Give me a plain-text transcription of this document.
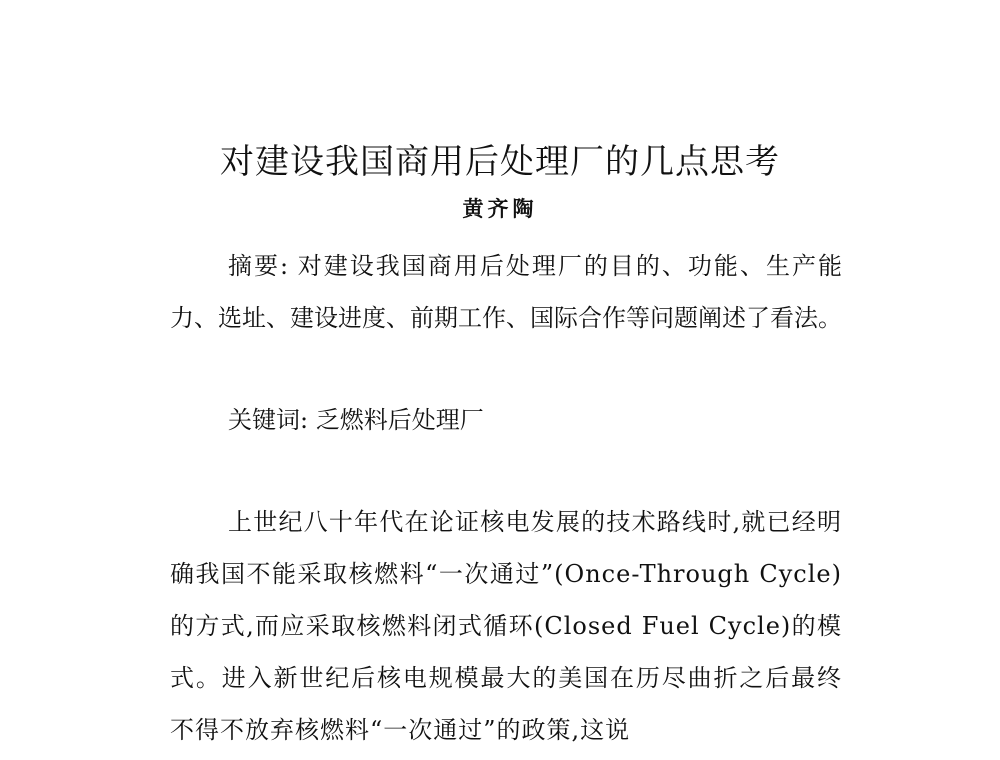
对建设我国商用后处理厂的几点思考
黄齐陶

摘要: 对建设我国商用后处理厂的目的、功能、生产能力、选址、建设进度、前期工作、国际合作等问题阐述了看法。

关键词: 乏燃料后处理厂

上世纪八十年代在论证核电发展的技术路线时,就已经明确我国不能采取核燃料“一次通过”(Once-Through Cycle)的方式,而应采取核燃料闭式循环(Closed Fuel Cycle)的模式。进入新世纪后核电规模最大的美国在历尽曲折之后最终不得不放弃核燃料“一次通过”的政策,这说
